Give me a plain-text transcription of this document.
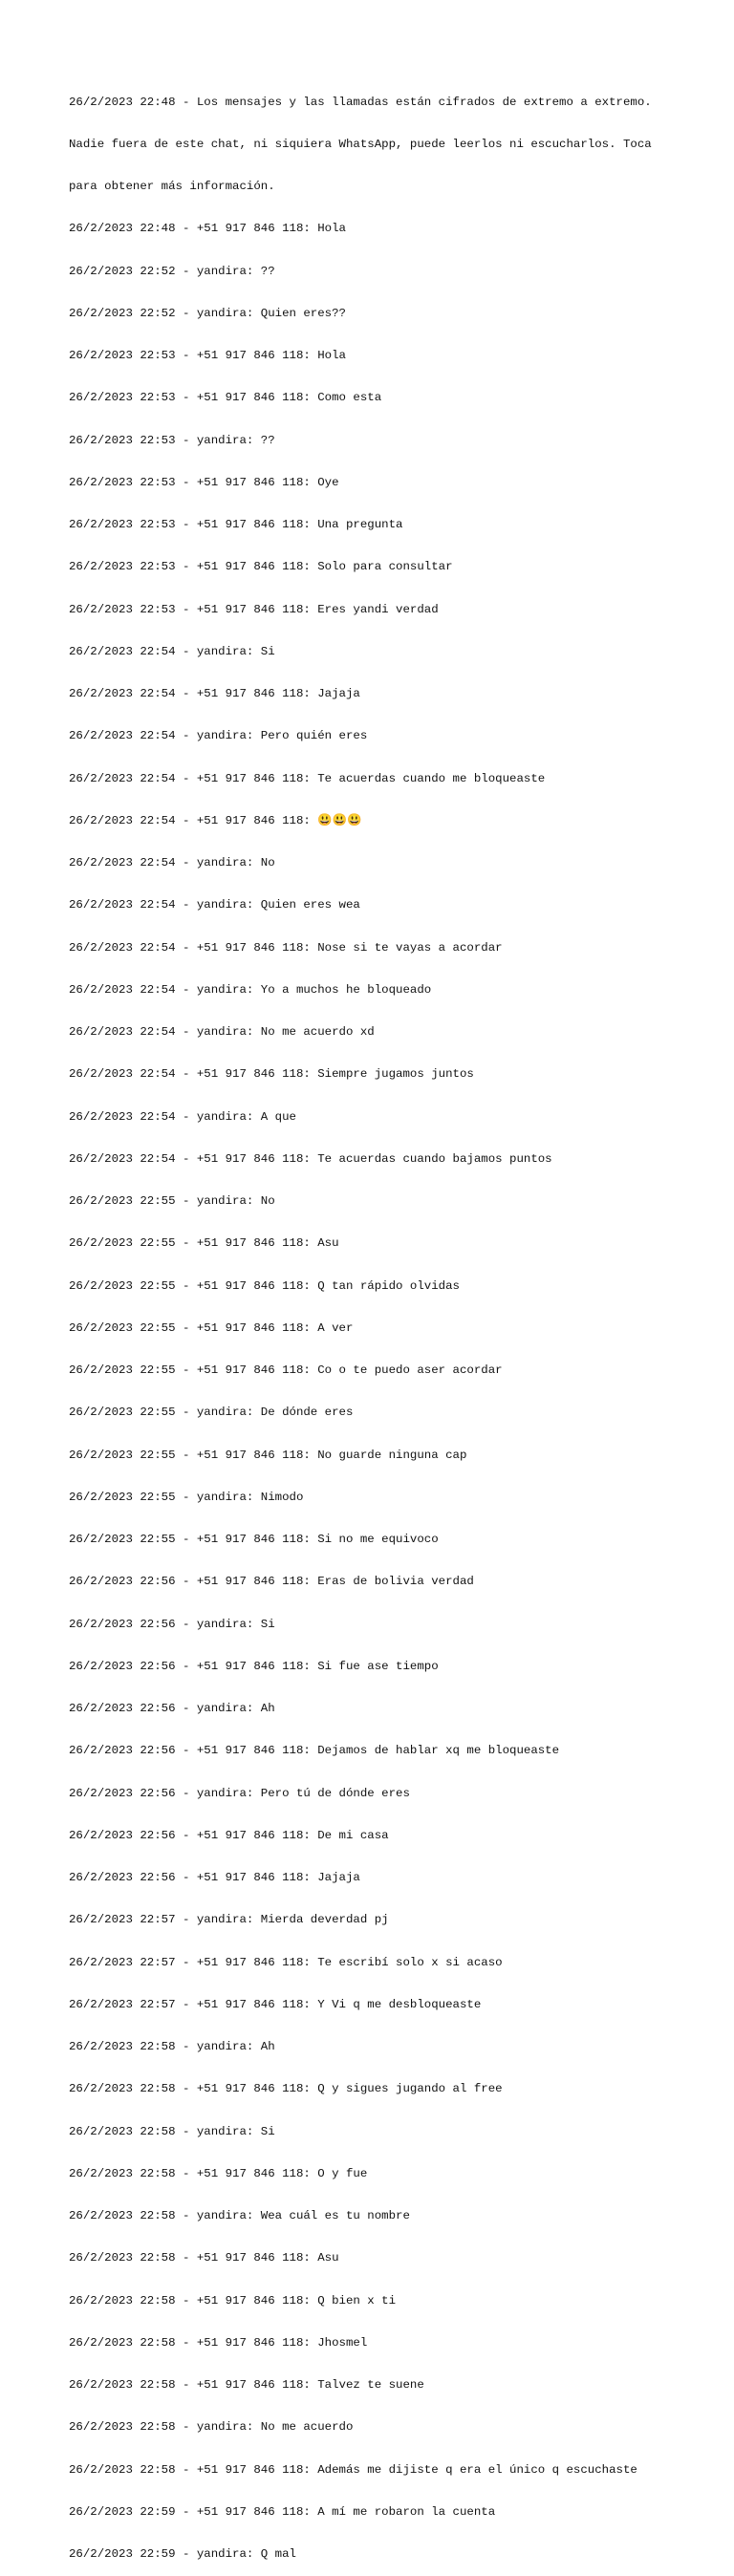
26/2/2023 22:48 - Los mensajes y las llamadas están cifrados de extremo a extremo.

Nadie fuera de este chat, ni siquiera WhatsApp, puede leerlos ni escucharlos. Toca

para obtener más información.

26/2/2023 22:48 - +51 917 846 118: Hola

26/2/2023 22:52 - yandira: ??

26/2/2023 22:52 - yandira: Quien eres??

26/2/2023 22:53 - +51 917 846 118: Hola

26/2/2023 22:53 - +51 917 846 118: Como esta

26/2/2023 22:53 - yandira: ??

26/2/2023 22:53 - +51 917 846 118: Oye

26/2/2023 22:53 - +51 917 846 118: Una pregunta

26/2/2023 22:53 - +51 917 846 118: Solo para consultar

26/2/2023 22:53 - +51 917 846 118: Eres yandi verdad

26/2/2023 22:54 - yandira: Si

26/2/2023 22:54 - +51 917 846 118: Jajaja

26/2/2023 22:54 - yandira: Pero quién eres

26/2/2023 22:54 - +51 917 846 118: Te acuerdas cuando me bloqueaste

26/2/2023 22:54 - +51 917 846 118: 😃😃😃

26/2/2023 22:54 - yandira: No

26/2/2023 22:54 - yandira: Quien eres wea

26/2/2023 22:54 - +51 917 846 118: Nose si te vayas a acordar

26/2/2023 22:54 - yandira: Yo a muchos he bloqueado

26/2/2023 22:54 - yandira: No me acuerdo xd

26/2/2023 22:54 - +51 917 846 118: Siempre jugamos juntos

26/2/2023 22:54 - yandira: A que

26/2/2023 22:54 - +51 917 846 118: Te acuerdas cuando bajamos puntos

26/2/2023 22:55 - yandira: No

26/2/2023 22:55 - +51 917 846 118: Asu

26/2/2023 22:55 - +51 917 846 118: Q tan rápido olvidas

26/2/2023 22:55 - +51 917 846 118: A ver

26/2/2023 22:55 - +51 917 846 118: Co o te puedo aser acordar

26/2/2023 22:55 - yandira: De dónde eres

26/2/2023 22:55 - +51 917 846 118: No guarde ninguna cap

26/2/2023 22:55 - yandira: Nimodo

26/2/2023 22:55 - +51 917 846 118: Si no me equivoco

26/2/2023 22:56 - +51 917 846 118: Eras de bolivia verdad

26/2/2023 22:56 - yandira: Si

26/2/2023 22:56 - +51 917 846 118: Si fue ase tiempo

26/2/2023 22:56 - yandira: Ah

26/2/2023 22:56 - +51 917 846 118: Dejamos de hablar xq me bloqueaste

26/2/2023 22:56 - yandira: Pero tú de dónde eres

26/2/2023 22:56 - +51 917 846 118: De mi casa

26/2/2023 22:56 - +51 917 846 118: Jajaja

26/2/2023 22:57 - yandira: Mierda deverdad pj

26/2/2023 22:57 - +51 917 846 118: Te escribí solo x si acaso

26/2/2023 22:57 - +51 917 846 118: Y Vi q me desbloqueaste

26/2/2023 22:58 - yandira: Ah

26/2/2023 22:58 - +51 917 846 118: Q y sigues jugando al free

26/2/2023 22:58 - yandira: Si

26/2/2023 22:58 - +51 917 846 118: O y fue

26/2/2023 22:58 - yandira: Wea cuál es tu nombre

26/2/2023 22:58 - +51 917 846 118: Asu

26/2/2023 22:58 - +51 917 846 118: Q bien x ti

26/2/2023 22:58 - +51 917 846 118: Jhosmel

26/2/2023 22:58 - +51 917 846 118: Talvez te suene

26/2/2023 22:58 - yandira: No me acuerdo

26/2/2023 22:58 - +51 917 846 118: Además me dijiste q era el único q escuchaste

26/2/2023 22:59 - +51 917 846 118: A mí me robaron la cuenta

26/2/2023 22:59 - yandira: Q mal
